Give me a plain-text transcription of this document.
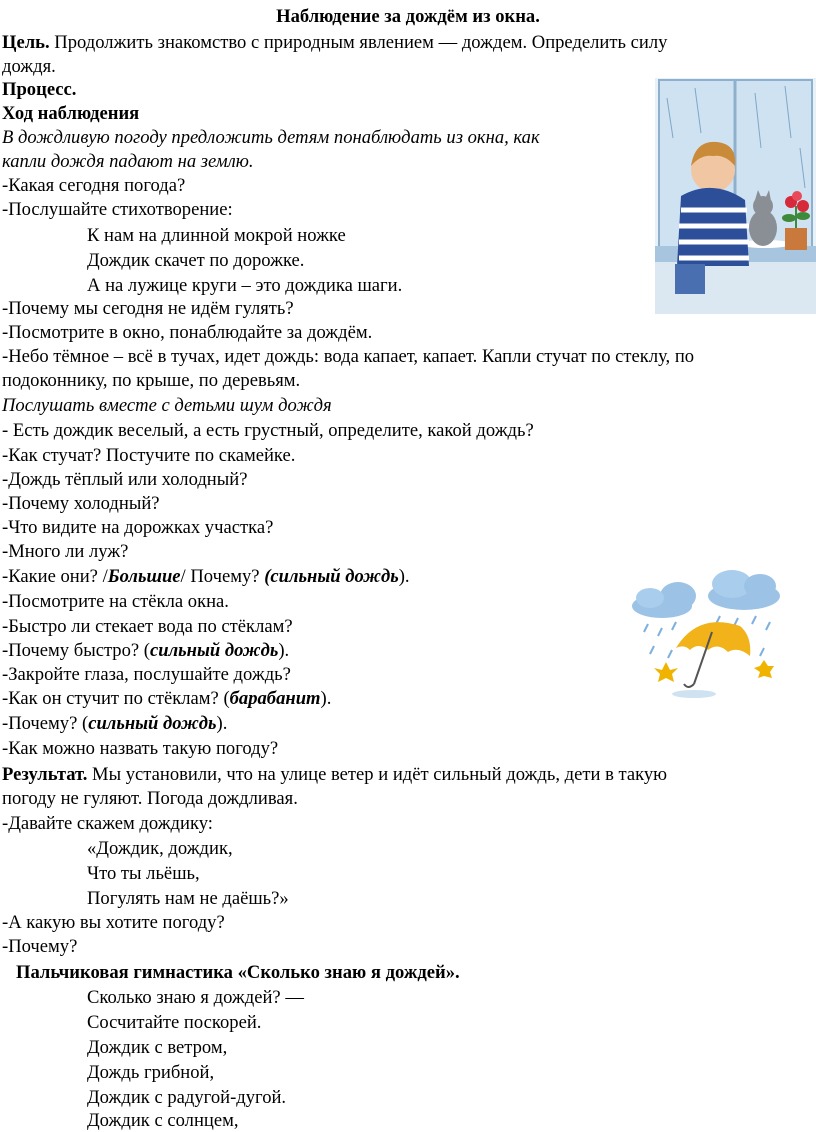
Наблюдение за дождём из окна.
Цель. Продолжить знакомство с природным явлением — дождем. Определить силу
дождя.
Процесс.
Ход наблюдения
В дождливую погоду предложить детям понаблюдать из окна, как
капли дождя падают на землю.
-Какая сегодня погода?
-Послушайте стихотворение:
К нам на длинной мокрой ножке
Дождик скачет по дорожке.
А на лужице круги – это дождика шаги.
-Почему мы сегодня не идём гулять?
-Посмотрите в окно, понаблюдайте за дождём.
-Небо тёмное – всё в тучах, идет дождь: вода капает, капает. Капли стучат по стеклу, по
подоконнику, по крыше, по деревьям.
Послушать вместе с детьми шум дождя
- Есть дождик веселый, а есть грустный, определите, какой дождь?
-Как стучат? Постучите по скамейке.
-Дождь тёплый или холодный?
-Почему холодный?
-Что видите на дорожках участка?
-Много ли луж?
-Какие они? /Большие/ Почему? (сильный дождь).
-Посмотрите на стёкла окна.
-Быстро ли стекает вода по стёклам?
-Почему быстро? (сильный дождь).
-Закройте глаза, послушайте дождь?
-Как он стучит по стёклам? (барабанит).
-Почему? (сильный дождь).
-Как можно назвать такую погоду?
Результат. Мы установили, что на улице ветер и идёт сильный дождь, дети в такую
погоду не гуляют. Погода дождливая.
-Давайте скажем дождику:
«Дождик, дождик,
Что ты льёшь,
Погулять нам не даёшь?»
-А какую вы хотите погоду?
-Почему?
Пальчиковая гимнастика «Сколько знаю я дождей».
Сколько знаю я дождей? —
Сосчитайте поскорей.
Дождик с ветром,
Дождь грибной,
Дождик с радугой-дугой.
Дождик с солнцем,
